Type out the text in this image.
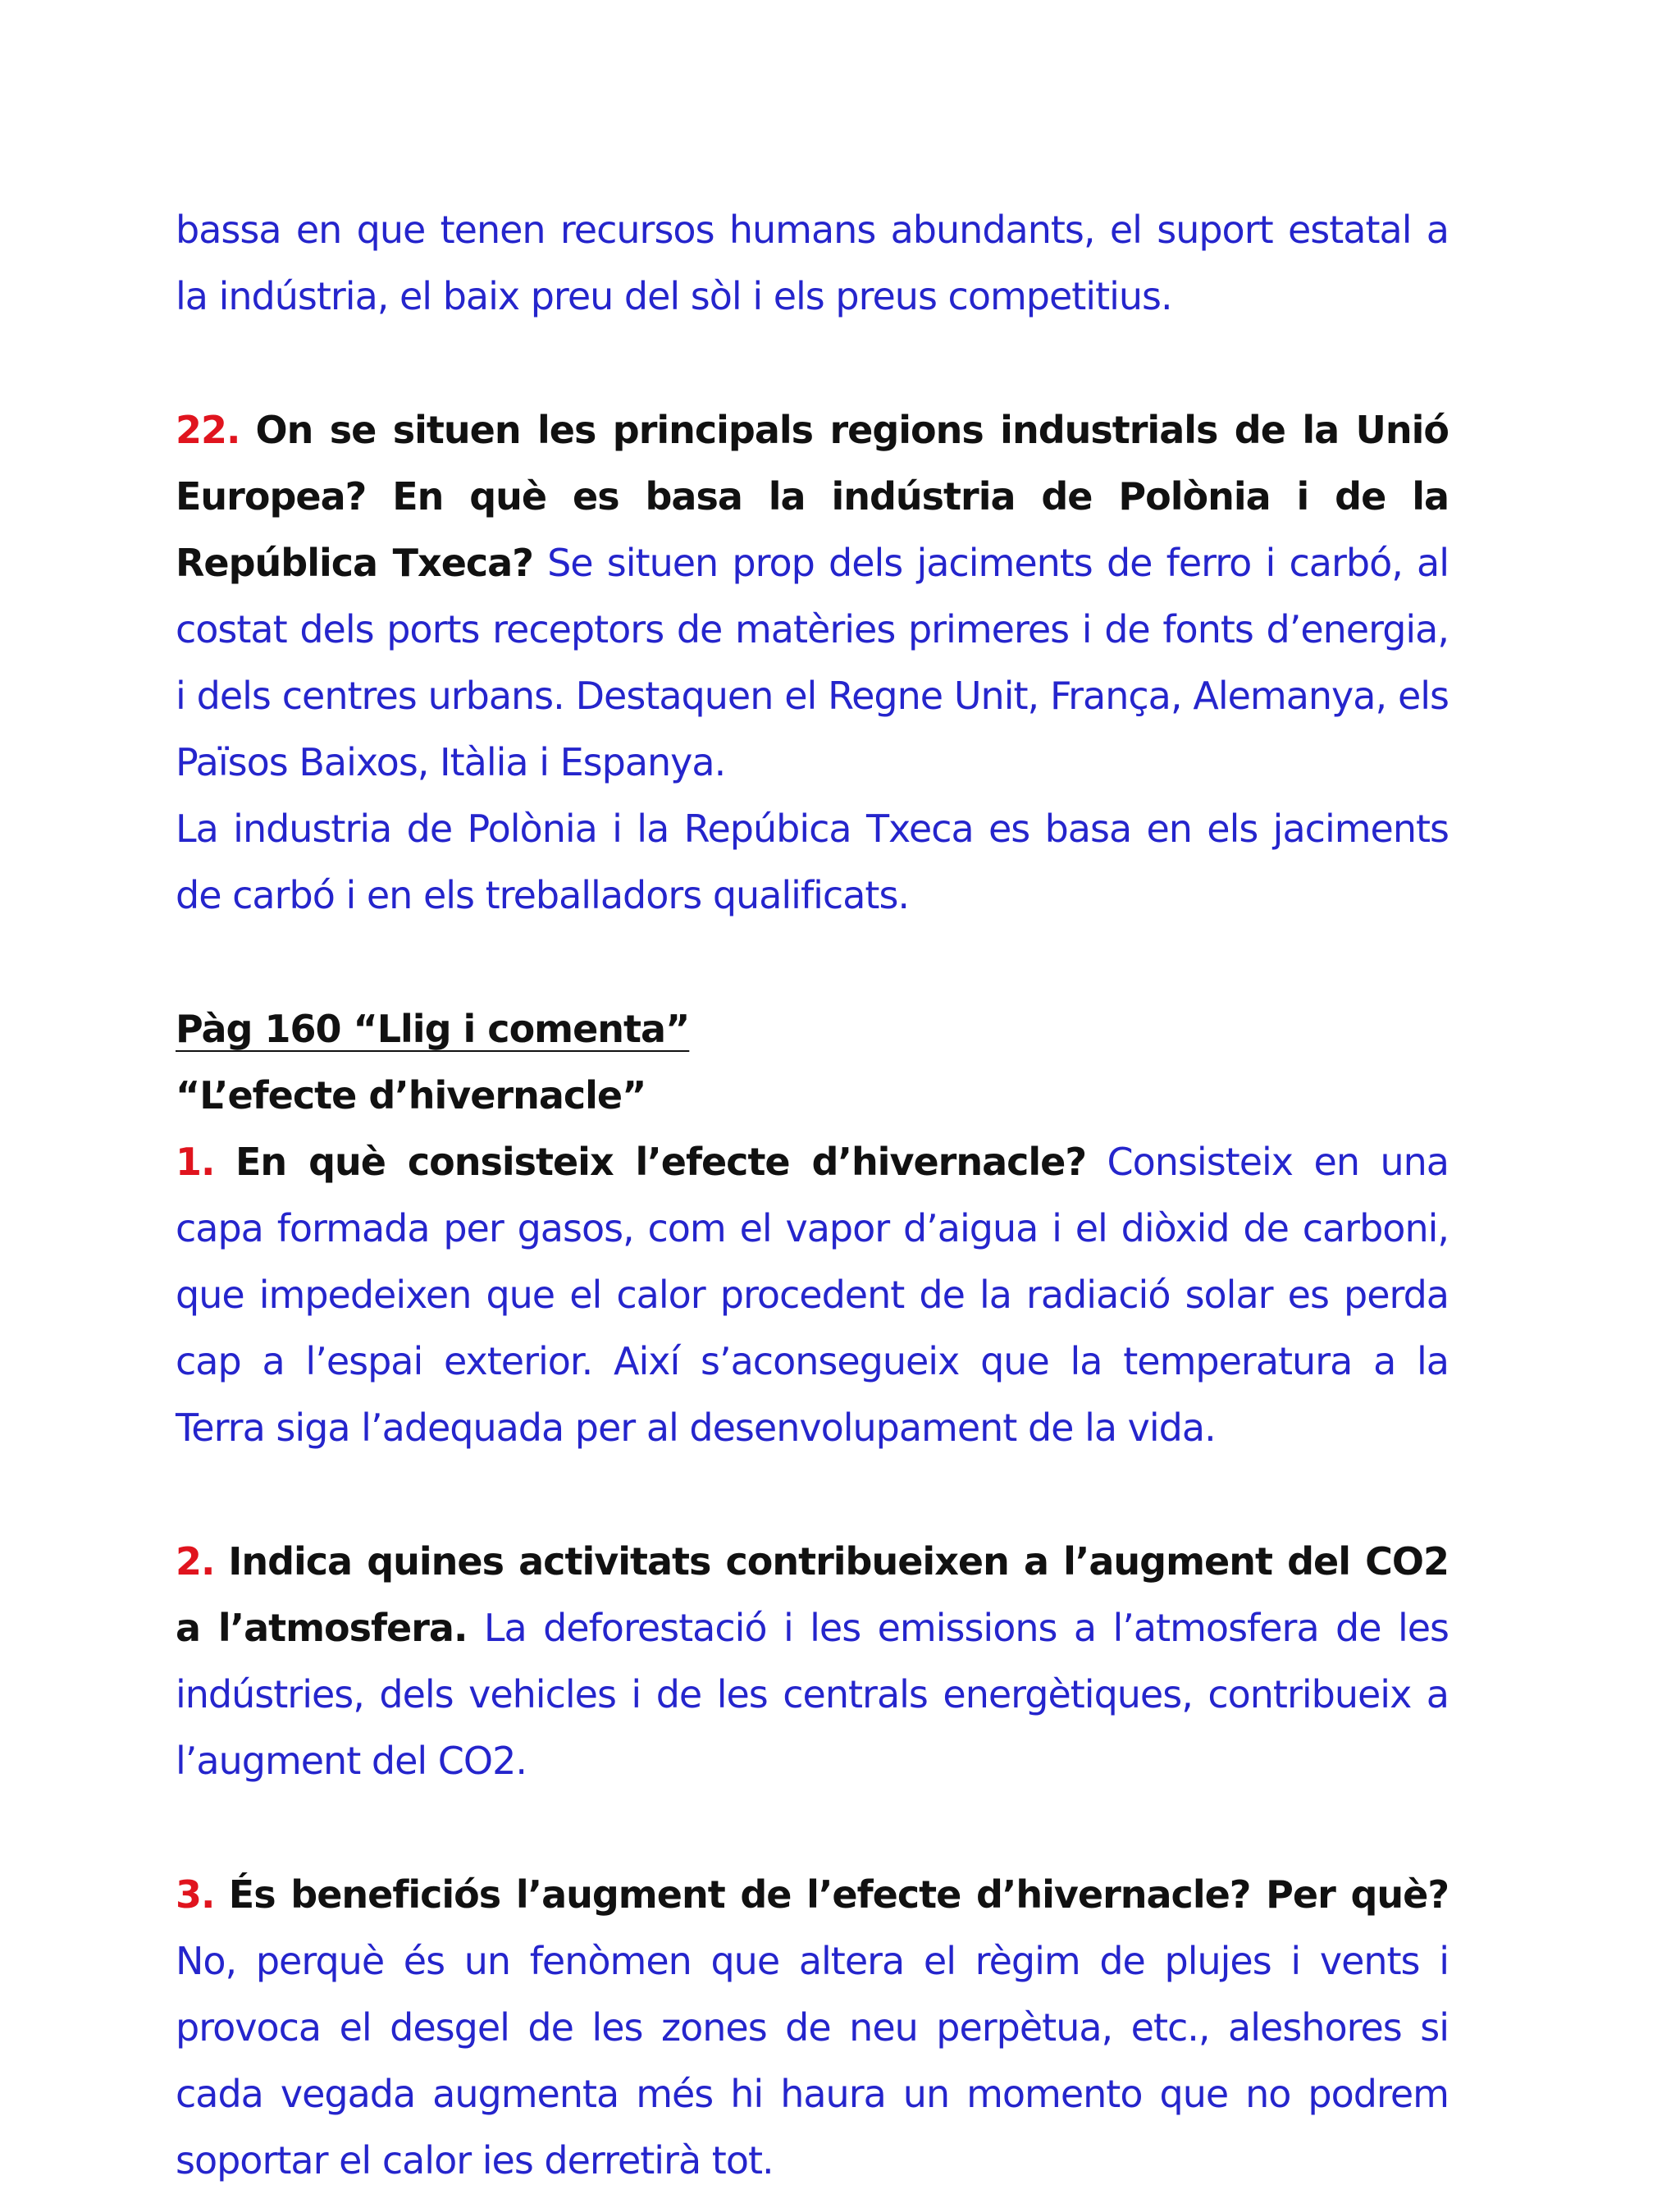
bassa en que tenen recursos humans abundants, el suport estatal a la indústria, el baix preu del sòl i els preus competitius.

22. On se situen les principals regions industrials de la Unió Europea? En què es basa la indústria de Polònia i de la República Txeca? Se situen prop dels jaciments de ferro i carbó, al costat dels ports receptors de matèries primeres i de fonts d’energia, i dels centres urbans. Destaquen el Regne Unit, França, Alemanya, els Països Baixos, Itàlia i Espanya.

La industria de Polònia i la Repúbica Txeca es basa en els jaciments de carbó i en els treballadors qualificats.

Pàg 160 “Llig i comenta”

“L’efecte d’hivernacle”

1. En què consisteix l’efecte d’hivernacle? Consisteix en una capa formada per gasos, com el vapor d’aigua i el diòxid de carboni, que impedeixen que el calor procedent de la radiació solar es perda cap a l’espai exterior. Així s’aconsegueix que la temperatura a la Terra siga l’adequada per al desenvolupament de la vida.

2. Indica quines activitats contribueixen a l’augment del CO2 a l’atmosfera. La deforestació i les emissions a l’atmosfera de les indústries, dels vehicles i de les centrals energètiques, contribueix a l’augment del CO2.

3. És beneficiós l’augment de l’efecte d’hivernacle? Per què? No, perquè és un fenòmen que altera el règim de plujes i vents i provoca el desgel de les zones de neu perpètua, etc., aleshores si cada vegada augmenta més hi haura un momento que no podrem soportar el calor ies derretirà tot.
